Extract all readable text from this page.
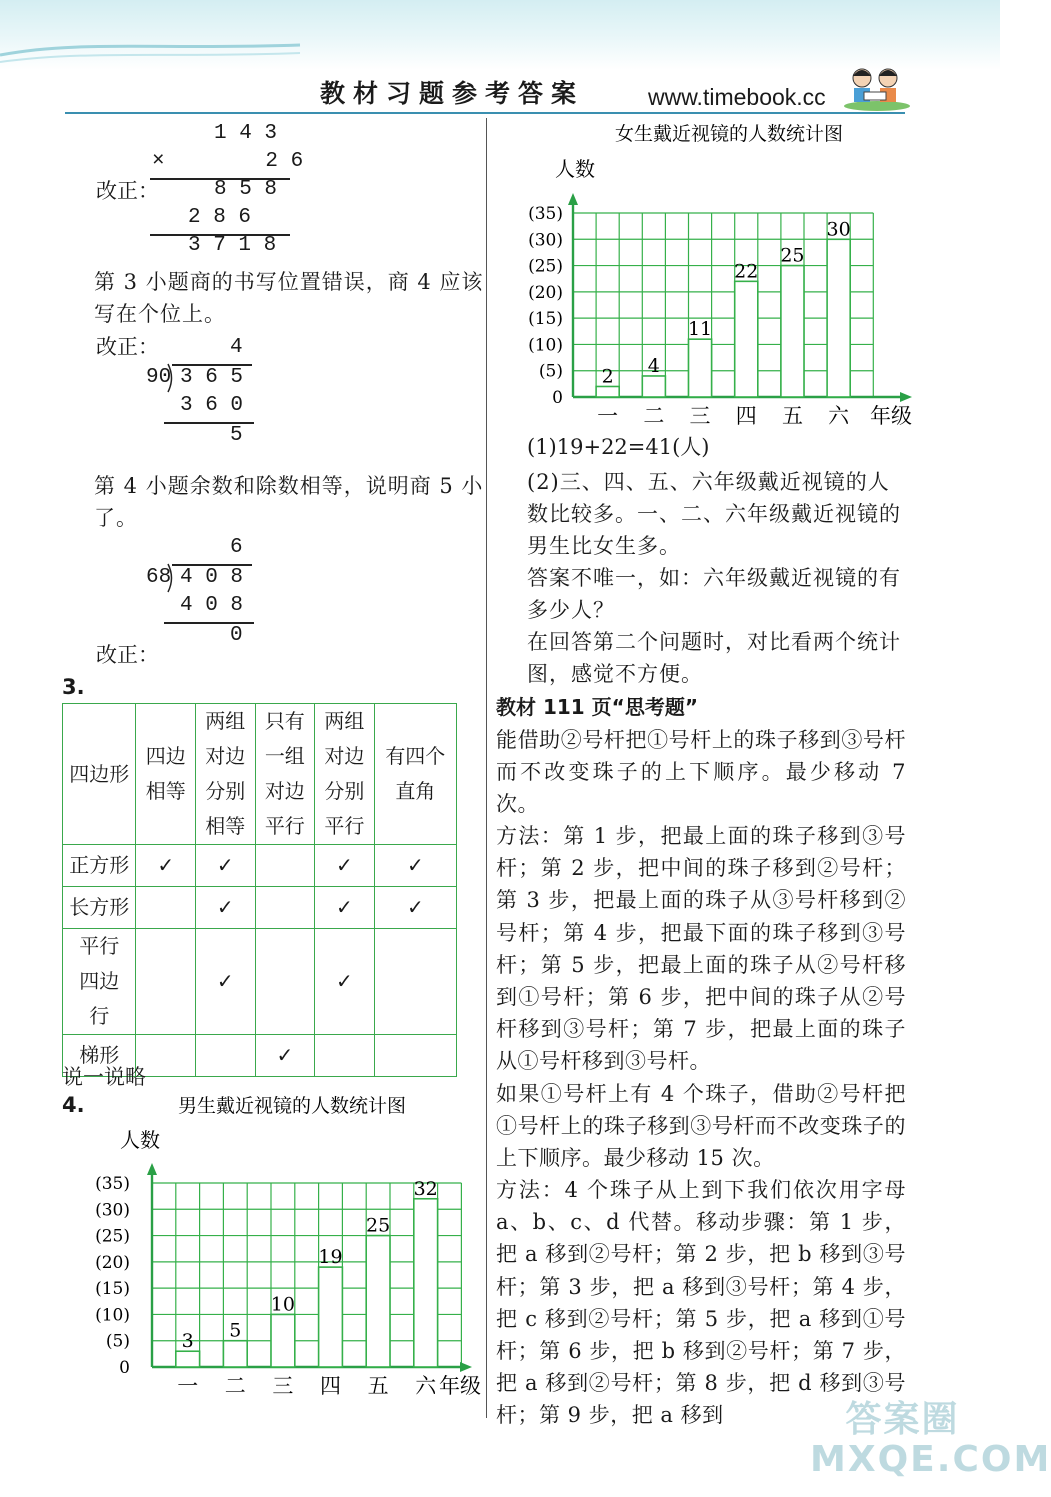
教材习题参考答案	www.timebook.cc
1 4 3
×        2 6
改正：	8 5 8
2 8 6
3 7 1 8
第 3 小题商的书写位置错误，商 4 应该写在个位上。
改正：	4
90 3 6 5
3 6 0
5
第 4 小题余数和除数相等，说明商 5 小了。
6
68 4 0 8
4 0 8
0
改正：
3.
四边形	四边相等	两组对边分别相等	只有一组对边平行	两组对边分别平行	有四个直角
正方形	✓	✓		✓	✓
长方形		✓		✓	✓
平行四边行		✓		✓	
梯形			✓		
说一说略
4.	男生戴近视镜的人数统计图
人数
(35)
(30)
(25)
(20)
(15)
(10)
(5)
0
3
一
5
二
10
三
19
四
25
五
32
六 年级
女生戴近视镜的人数统计图
人数
(35)
(30)
(25)
(20)
(15)
(10)
(5)
0
2
一
4
二
11
三
22
四
25
五
30
六 年级
(1)19+22=41(人)
(2)三、四、五、六年级戴近视镜的人数比较多。一、二、六年级戴近视镜的男生比女生多。
答案不唯一，如：六年级戴近视镜的有多少人？
在回答第二个问题时，对比看两个统计图，感觉不方便。
教材 111 页“思考题”
能借助②号杆把①号杆上的珠子移到③号杆而不改变珠子的上下顺序。最少移动 7 次。
方法：第 1 步，把最上面的珠子移到③号杆；第 2 步，把中间的珠子移到②号杆；第 3 步，把最上面的珠子从③号杆移到②号杆；第 4 步，把最下面的珠子移到③号杆；第 5 步，把最上面的珠子从②号杆移到①号杆；第 6 步，把中间的珠子从②号杆移到③号杆；第 7 步，把最上面的珠子从①号杆移到③号杆。
如果①号杆上有 4 个珠子，借助②号杆把①号杆上的珠子移到③号杆而不改变珠子的上下顺序。最少移动 15 次。
方法：4 个珠子从上到下我们依次用字母 a、b、c、d 代替。移动步骤：第 1 步，把 a 移到②号杆；第 2 步，把 b 移到③号杆；第 3 步，把 a 移到③号杆；第 4 步，把 c 移到②号杆；第 5 步，把 a 移到①号杆；第 6 步，把 b 移到②号杆；第 7 步，把 a 移到②号杆；第 8 步，把 d 移到③号杆；第 9 步，把 a 移到	答案圈 MXQE.COM
